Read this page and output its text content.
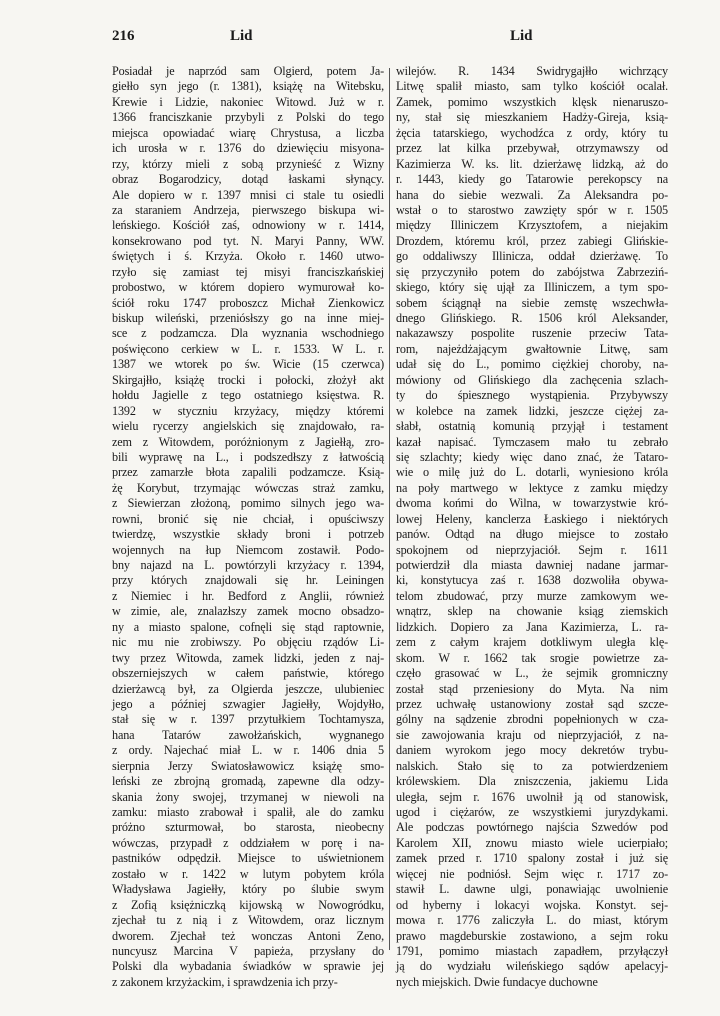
216	Lid	Lid
Posiadał je naprzód sam Olgierd, potem Ja-
giełło syn jego (r. 1381), książę na Witebsku,
Krewie i Lidzie, nakoniec Witowd. Już w r.
1366 franciszkanie przybyli z Polski do tego
miejsca opowiadać wiarę Chrystusa, a liczba
ich urosła w r. 1376 do dziewięciu misyona-
rzy, którzy mieli z sobą przynieść z Wizny
obraz Bogarodzicy, dotąd łaskami słynący.
Ale dopiero w r. 1397 mnisi ci stale tu osiedli
za staraniem Andrzeja, pierwszego biskupa wi-
leńskiego. Kościół zaś, odnowiony w r. 1414,
konsekrowano pod tyt. N. Maryi Panny, WW.
świętych i ś. Krzyża. Około r. 1460 utwo-
rzyło się zamiast tej misyi franciszkańskiej
probostwo, w którem dopiero wymurował ko-
ściół roku 1747 proboszcz Michał Zienkowicz
biskup wileński, przeniósłszy go na inne miej-
sce z podzamcza. Dla wyznania wschodniego
poświęcono cerkiew w L. r. 1533. W L. r.
1387 we wtorek po św. Wicie (15 czerwca)
Skirgajłło, książę trocki i połocki, złożył akt
hołdu Jagielle z tego ostatniego księstwa. R.
1392 w styczniu krzyżacy, między któremi
wielu rycerzy angielskich się znajdowało, ra-
zem z Witowdem, poróżnionym z Jagiełłą, zro-
bili wyprawę na L., i podszedłszy z łatwością
przez zamarzłe błota zapalili podzamcze. Ksią-
żę Korybut, trzymając wówczas straż zamku,
z Siewierzan złożoną, pomimo silnych jego wa-
rowni, bronić się nie chciał, i opuściwszy
twierdzę, wszystkie składy broni i potrzeb
wojennych na łup Niemcom zostawił. Podo-
bny najazd na L. powtórzyli krzyżacy r. 1394,
przy których znajdowali się hr. Leiningen
z Niemiec i hr. Bedford z Anglii, również
w zimie, ale, znalazłszy zamek mocno obsadzo-
ny a miasto spalone, cofnęli się stąd raptownie,
nic mu nie zrobiwszy. Po objęciu rządów Li-
twy przez Witowda, zamek lidzki, jeden z naj-
obszerniejszych w całem państwie, którego
dzierżawcą był, za Olgierda jeszcze, ulubieniec
jego a później szwagier Jagiełły, Wojdyłło,
stał się w r. 1397 przytułkiem Tochtamysza,
hana Tatarów zawołżańskich, wygnanego
z ordy. Najechać miał L. w r. 1406 dnia 5
sierpnia Jerzy Swiatosławowicz książę smo-
leński ze zbrojną gromadą, zapewne dla odzy-
skania żony swojej, trzymanej w niewoli na
zamku: miasto zrabował i spalił, ale do zamku
próżno szturmował, bo starosta, nieobecny
wówczas, przypadł z oddziałem w porę i na-
pastników odpędził. Miejsce to uświetnionem
zostało w r. 1422 w lutym pobytem króla
Władysława Jagiełły, który po ślubie swym
z Zofią księżniczką kijowską w Nowogródku,
zjechał tu z nią i z Witowdem, oraz licznym
dworem. Zjechał też wonczas Antoni Zeno,
nuncyusz Marcina V papieża, przysłany do
Polski dla wybadania świadków w sprawie jej
z zakonem krzyżackim, i sprawdzenia ich przy-
wilejów. R. 1434 Swidrygajłło wichrzący
Litwę spalił miasto, sam tylko kościół ocalał.
Zamek, pomimo wszystkich klęsk nienaruszo-
ny, stał się mieszkaniem Hadży-Gireja, ksią-
żęcia tatarskiego, wychodźca z ordy, który tu
przez lat kilka przebywał, otrzymawszy od
Kazimierza W. ks. lit. dzierżawę lidzką, aż do
r. 1443, kiedy go Tatarowie perekopscy na
hana do siebie wezwali. Za Aleksandra po-
wstał o to starostwo zawzięty spór w r. 1505
między Illiniczem Krzysztofem, a niejakim
Drozdem, któremu król, przez zabiegi Glińskie-
go oddaliwszy Illinicza, oddał dzierżawę. To
się przyczyniło potem do zabójstwa Zabrzeziń-
skiego, który się ujął za Illiniczem, a tym spo-
sobem ściągnął na siebie zemstę wszechwła-
dnego Glińskiego. R. 1506 król Aleksander,
nakazawszy pospolite ruszenie przeciw Tata-
rom, najeżdżającym gwałtownie Litwę, sam
udał się do L., pomimo ciężkiej choroby, na-
mówiony od Glińskiego dla zachęcenia szlach-
ty do śpiesznego wystąpienia. Przybywszy
w kolebce na zamek lidzki, jeszcze ciężej za-
słabł, ostatnią komunią przyjął i testament
kazał napisać. Tymczasem mało tu zebrało
się szlachty; kiedy więc dano znać, że Tataro-
wie o milę już do L. dotarli, wyniesiono króla
na poły martwego w lektyce z zamku między
dwoma końmi do Wilna, w towarzystwie kró-
lowej Heleny, kanclerza Łaskiego i niektórych
panów. Odtąd na długo miejsce to zostało
spokojnem od nieprzyjaciół. Sejm r. 1611
potwierdził dla miasta dawniej nadane jarmar-
ki, konstytucya zaś r. 1638 dozwoliła obywa-
telom zbudować, przy murze zamkowym we-
wnątrz, sklep na chowanie ksiąg ziemskich
lidzkich. Dopiero za Jana Kazimierza, L. ra-
zem z całym krajem dotkliwym uległa klę-
skom. W r. 1662 tak srogie powietrze za-
częło grasować w L., że sejmik gromniczny
został stąd przeniesiony do Myta. Na nim
przez uchwałę ustanowiony został sąd szcze-
gólny na sądzenie zbrodni popełnionych w cza-
sie zawojowania kraju od nieprzyjaciół, z na-
daniem wyrokom jego mocy dekretów trybu-
nalskich. Stało się to za potwierdzeniem
królewskiem. Dla zniszczenia, jakiemu Lida
uległa, sejm r. 1676 uwolnił ją od stanowisk,
ugod i ciężarów, ze wszystkiemi juryzdykami.
Ale podczas powtórnego najścia Szwedów pod
Karolem XII, znowu miasto wiele ucierpiało;
zamek przed r. 1710 spalony został i już się
więcej nie podniósł. Sejm więc r. 1717 zo-
stawił L. dawne ulgi, ponawiając uwolnienie
od hyberny i lokacyi wojska. Konstyt. sej-
mowa r. 1776 zaliczyła L. do miast, którym
prawo magdeburskie zostawiono, a sejm roku
1791, pomimo miastach zapadłem, przyłączył
ją do wydziału wileńskiego sądów apelacyj-
nych miejskich. Dwie fundacye duchowne
